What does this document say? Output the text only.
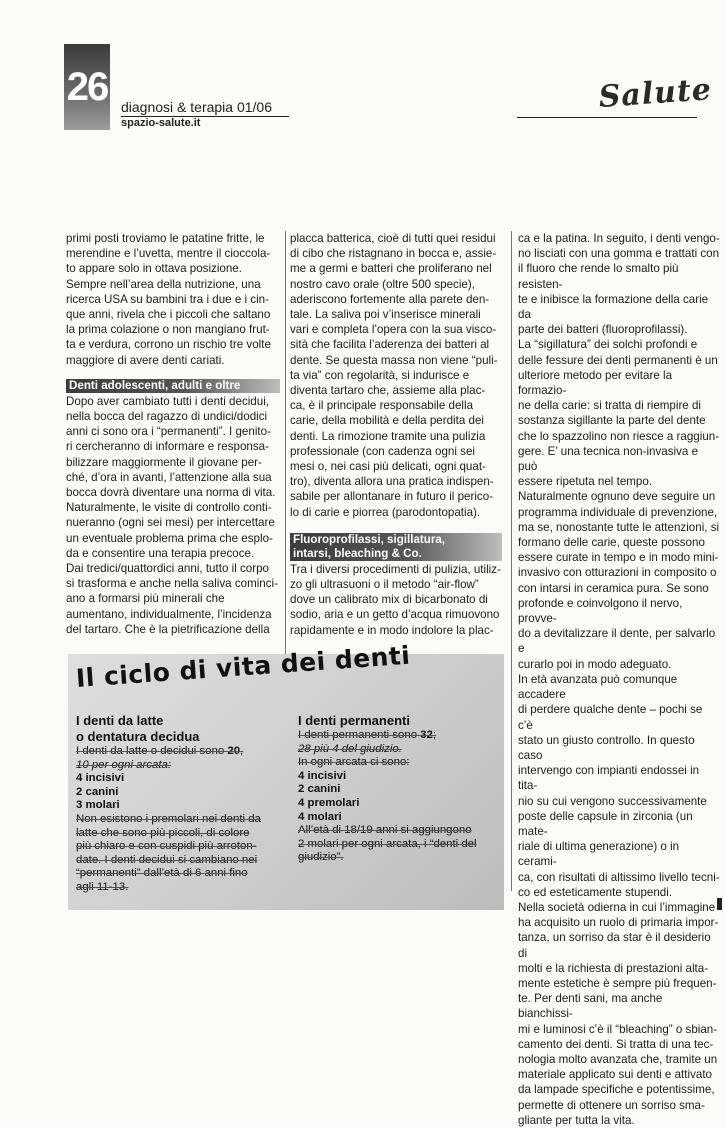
26 diagnosi & terapia 01/06
spazio-salute.it
Salute

primi posti troviamo le patatine fritte, le

merendine e l’uvetta, mentre il cioccola-

to appare solo in ottava posizione.

Sempre nell’area della nutrizione, una

ricerca USA su bambini tra i due e i cin-

que anni, rivela che i piccoli che saltano

la prima colazione o non mangiano frut-

ta e verdura, corrono un rischio tre volte

maggiore di avere denti cariati.

Denti adolescenti, adulti e oltre

Dopo aver cambiato tutti i denti decidui,

nella bocca del ragazzo di undici/dodici

anni ci sono ora i “permanenti”. I genito-

ri cercheranno di informare e responsa-

bilizzare maggiormente il giovane per-

ché, d’ora in avanti, l’attenzione alla sua

bocca dovrà diventare una norma di vita.

Naturalmente, le visite di controllo conti-

nueranno (ogni sei mesi) per intercettare

un eventuale problema prima che esplo-

da e consentire una terapia precoce.

Dai tredici/quattordici anni, tutto il corpo

si trasforma e anche nella saliva cominci-

ano a formarsi più minerali che

aumentano, individualmente, l’incidenza

del tartaro. Che è la pietrificazione della

placca batterica, cioè di tutti quei residui

di cibo che ristagnano in bocca e, assie-

me a germi e batteri che proliferano nel

nostro cavo orale (oltre 500 specie),

aderiscono fortemente alla parete den-

tale. La saliva poi v’inserisce minerali

vari e completa l’opera con la sua visco-

sità che facilita l’aderenza dei batteri al

dente. Se questa massa non viene “puli-

ta via” con regolarità, si indurisce e

diventa tartaro che, assieme alla plac-

ca, è il principale responsabile della

carie, della mobilità e della perdita dei

denti. La rimozione tramite una pulizia

professionale (con cadenza ogni sei

mesi o, nei casi più delicati, ogni quat-

tro), diventa allora una pratica indispen-

sabile per allontanare in futuro il perico-

lo di carie e piorrea (parodontopatia).

Fluoroprofilassi, sigillatura,
intarsi, bleaching & Co.

Tra i diversi procedimenti di pulizia, utiliz-

zo gli ultrasuoni o il metodo “air-flow”

dove un calibrato mix di bicarbonato di

sodio, aria e un getto d’acqua rimuovono

rapidamente e in modo indolore la plac-

ca e la patina. In seguito, i denti vengo-

no lisciati con una gomma e trattati con

il fluoro che rende lo smalto più resisten-

te e inibisce la formazione della carie da

parte dei batteri (fluoroprofilassi).

La “sigillatura” dei solchi profondi e

delle fessure dei denti permanenti è un

ulteriore metodo per evitare la formazio-

ne della carie: si tratta di riempire di

sostanza sigillante la parte del dente

che lo spazzolino non riesce a raggiun-

gere. E’ una tecnica non-invasiva e può

essere ripetuta nel tempo.

Naturalmente ognuno deve seguire un

programma individuale di prevenzione,

ma se, nonostante tutte le attenzioni, si

formano delle carie, queste possono

essere curate in tempo e in modo mini-

invasivo con otturazioni in composito o

con intarsi in ceramica pura. Se sono

profonde e coinvolgono il nervo, provve-

do a devitalizzare il dente, per salvarlo e

curarlo poi in modo adeguato.

In età avanzata può comunque accadere

di perdere qualche dente – pochi se c’è

stato un giusto controllo. In questo caso

intervengo con impianti endossei in tita-

nio su cui vengono successivamente

poste delle capsule in zirconia (un mate-

riale di ultima generazione) o in cerami-

ca, con risultati di altissimo livello tecni-

co ed esteticamente stupendi.

Nella società odierna in cui l’immagine

ha acquisito un ruolo di primaria impor-

tanza, un sorriso da star è il desiderio di

molti e la richiesta di prestazioni alta-

mente estetiche è sempre più frequen-

te. Per denti sani, ma anche bianchissi-

mi e luminosi c’è il “bleaching” o sbian-

camento dei denti. Si tratta di una tec-

nologia molto avanzata che, tramite un

materiale applicato sui denti e attivato

da lampade specifiche e potentissime,

permette di ottenere un sorriso sma-

gliante per tutta la vita.

Il ciclo di vita dei denti

I denti da latte

o dentatura decidua

I denti da latte o decidui sono 20,

10 per ogni arcata:

4 incisivi

2 canini

3 molari

Non esistono i premolari nei denti da

latte che sono più piccoli, di colore

più chiaro e con cuspidi più arroton-

date. I denti decidui si cambiano nei

“permanenti” dall’età di 6 anni fino

agli 11-13.

I denti permanenti

I denti permanenti sono 32;

28 più 4 del giudizio.

In ogni arcata ci sono:

4 incisivi

2 canini

4 premolari

4 molari

All’età di 18/19 anni si aggiungono

2 molari per ogni arcata, i “denti del

giudizio”.
